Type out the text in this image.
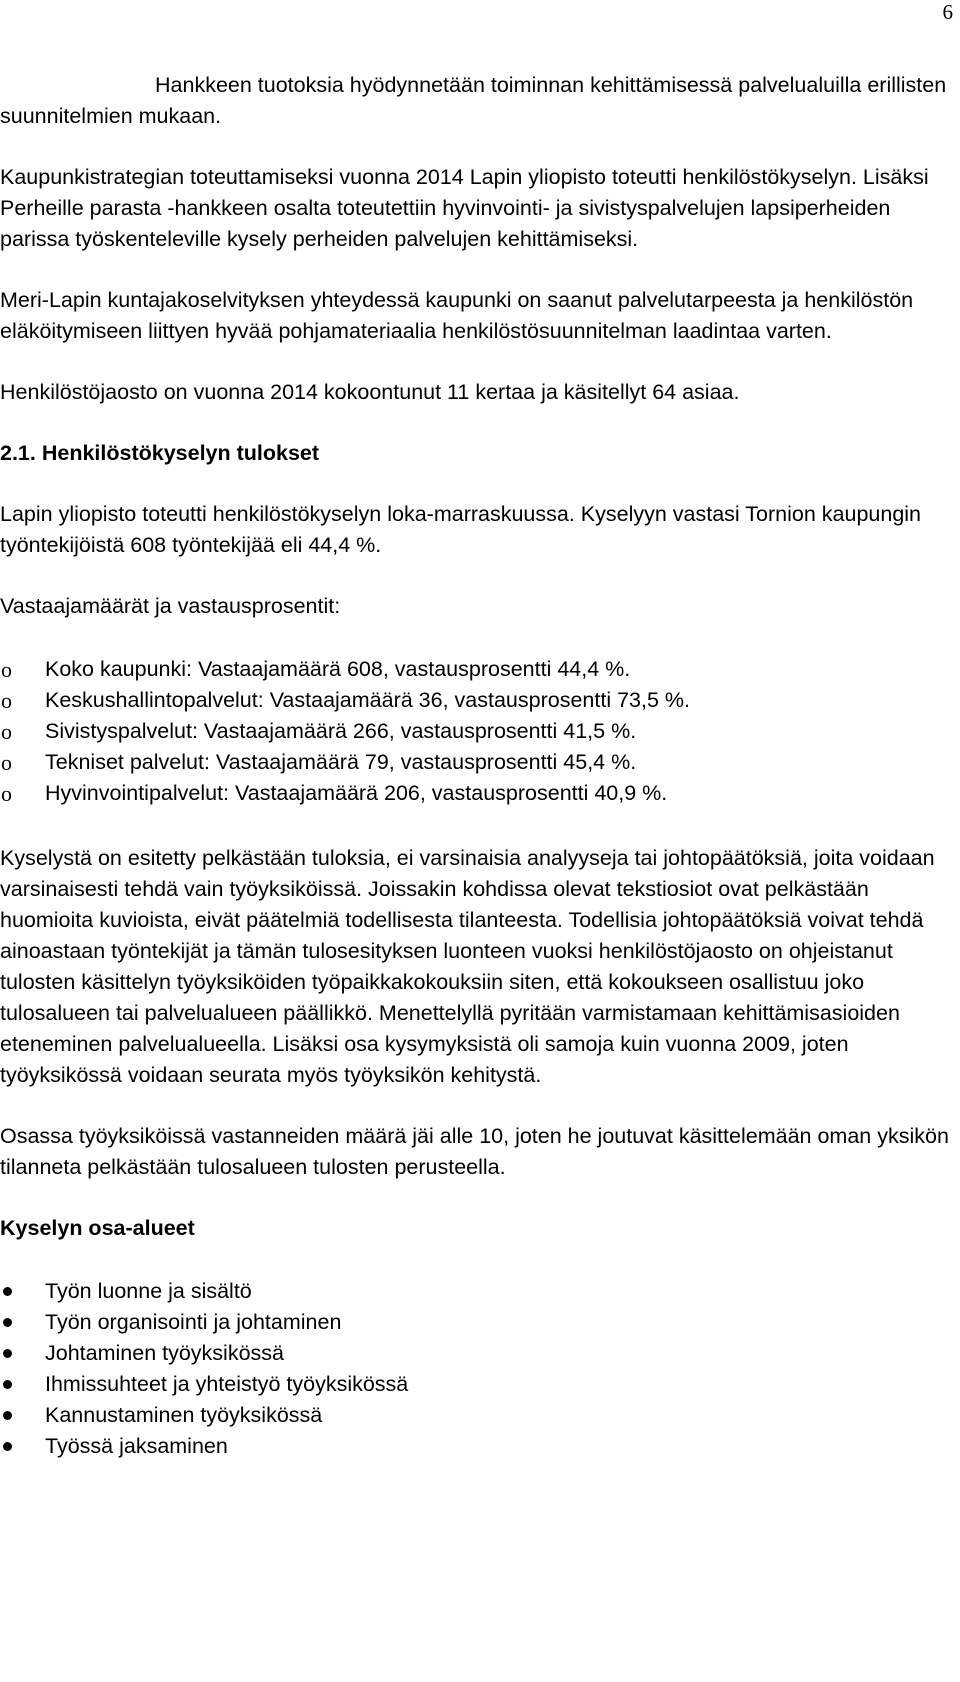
6

Hankkeen tuotoksia hyödynnetään toiminnan kehittämisessä palvelualuilla erillisten suunnitelmien mukaan.

Kaupunkistrategian toteuttamiseksi vuonna 2014 Lapin yliopisto toteutti henkilöstökyselyn. Lisäksi Perheille parasta -hankkeen osalta toteutettiin hyvinvointi- ja sivistyspalvelujen lapsiperheiden parissa työskenteleville kysely perheiden palvelujen kehittämiseksi.

Meri-Lapin kuntajakoselvityksen yhteydessä kaupunki on saanut palvelutarpeesta ja henkilöstön eläköitymiseen liittyen hyvää pohjamateriaalia henkilöstösuunnitelman laadintaa varten.

Henkilöstöjaosto on vuonna 2014 kokoontunut 11 kertaa ja käsitellyt 64 asiaa.

2.1. Henkilöstökyselyn tulokset

Lapin yliopisto toteutti henkilöstökyselyn loka-marraskuussa. Kyselyyn vastasi Tornion kaupungin työntekijöistä 608 työntekijää eli 44,4 %.

Vastaajamäärät ja vastausprosentit:

o Koko kaupunki: Vastaajamäärä 608, vastausprosentti 44,4 %.
o Keskushallintopalvelut: Vastaajamäärä 36, vastausprosentti 73,5 %.
o Sivistyspalvelut: Vastaajamäärä 266, vastausprosentti 41,5 %.
o Tekniset palvelut: Vastaajamäärä 79, vastausprosentti 45,4 %.
o Hyvinvointipalvelut: Vastaajamäärä 206, vastausprosentti 40,9 %.

Kyselystä on esitetty pelkästään tuloksia, ei varsinaisia analyyseja tai johtopäätöksiä, joita voidaan varsinaisesti tehdä vain työyksiköissä. Joissakin kohdissa olevat tekstiosiot ovat pelkästään huomioita kuvioista, eivät päätelmiä todellisesta tilanteesta. Todellisia johtopäätöksiä voivat tehdä ainoastaan työntekijät ja tämän tulosesityksen luonteen vuoksi henkilöstöjaosto on ohjeistanut tulosten käsittelyn työyksiköiden työpaikkakokouksiin siten, että kokoukseen osallistuu joko tulosalueen tai palvelualueen päällikkö. Menettelyllä pyritään varmistamaan kehittämisasioiden eteneminen palvelualueella. Lisäksi osa kysymyksistä oli samoja kuin vuonna 2009, joten työyksikössä voidaan seurata myös työyksikön kehitystä.

Osassa työyksiköissä vastanneiden määrä jäi alle 10, joten he joutuvat käsittelemään oman yksikön tilanneta pelkästään tulosalueen tulosten perusteella.

Kyselyn osa-alueet

Työn luonne ja sisältö
Työn organisointi ja johtaminen
Johtaminen työyksikössä
Ihmissuhteet ja yhteistyö työyksikössä
Kannustaminen työyksikössä
Työssä jaksaminen
